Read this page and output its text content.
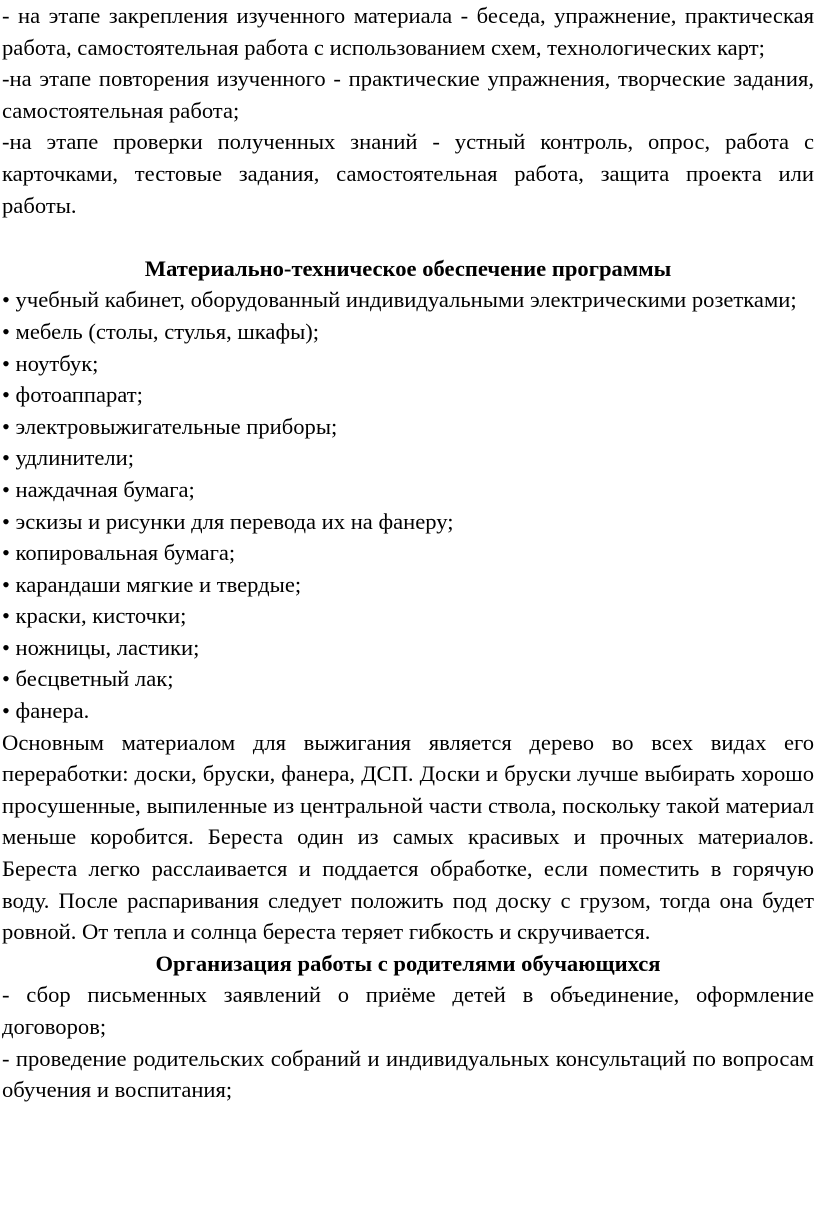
- на этапе закрепления изученного материала - беседа, упражнение, практическая работа, самостоятельная работа с использованием схем, технологических карт;

-на этапе повторения изученного - практические упражнения, творческие задания, самостоятельная работа;

-на этапе проверки полученных знаний - устный контроль, опрос, работа с карточками, тестовые задания, самостоятельная работа, защита проекта или работы.

Материально-техническое обеспечение программы

• учебный кабинет, оборудованный индивидуальными электрическими розетками;

• мебель (столы, стулья, шкафы);

• ноутбук;

• фотоаппарат;

• электровыжигательные приборы;

• удлинители;

• наждачная бумага;

• эскизы и рисунки для перевода их на фанеру;

• копировальная бумага;

• карандаши мягкие и твердые;

• краски, кисточки;

• ножницы, ластики;

• бесцветный лак;

• фанера.

Основным материалом для выжигания является дерево во всех видах его переработки: доски, бруски, фанера, ДСП. Доски и бруски лучше выбирать хорошо просушенные, выпиленные из центральной части ствола, поскольку такой материал меньше коробится. Береста один из самых красивых и прочных материалов. Береста легко расслаивается и поддается обработке, если поместить в горячую воду. После распаривания следует положить под доску с грузом, тогда она будет ровной. От тепла и солнца береста теряет гибкость и скручивается.

Организация работы с родителями обучающихся

- сбор письменных заявлений о приёме детей в объединение, оформление договоров;

- проведение родительских собраний и индивидуальных консультаций по вопросам обучения и воспитания;
